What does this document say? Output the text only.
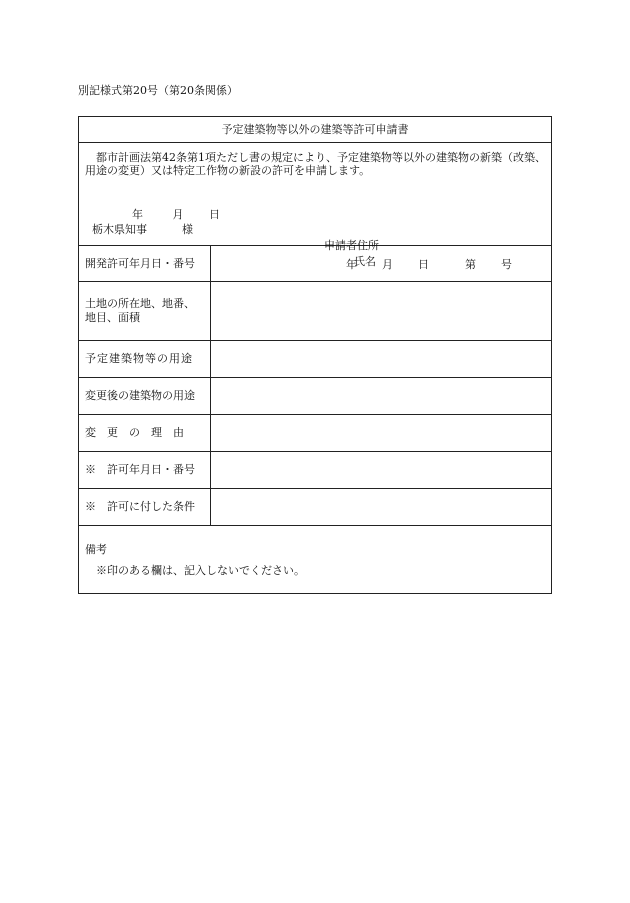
別記様式第20号（第20条関係）
予定建築物等以外の建築等許可申請書
都市計画法第42条第1項ただし書の規定により、予定建築物等以外の建築物の新築（改築、用途の変更）又は特定工作物の新設の許可を申請します。
年	月 日
栃木県知事	様
申請者住所
氏名
開発許可年月日・番号	年 月 日	第 号
土地の所在地、地番、
地目、面積
予定建築物等の用途
変更後の建築物の用途
変　更　の　理　由
※　許可年月日・番号
※　許可に付した条件
備考
※印のある欄は、記入しないでください。
